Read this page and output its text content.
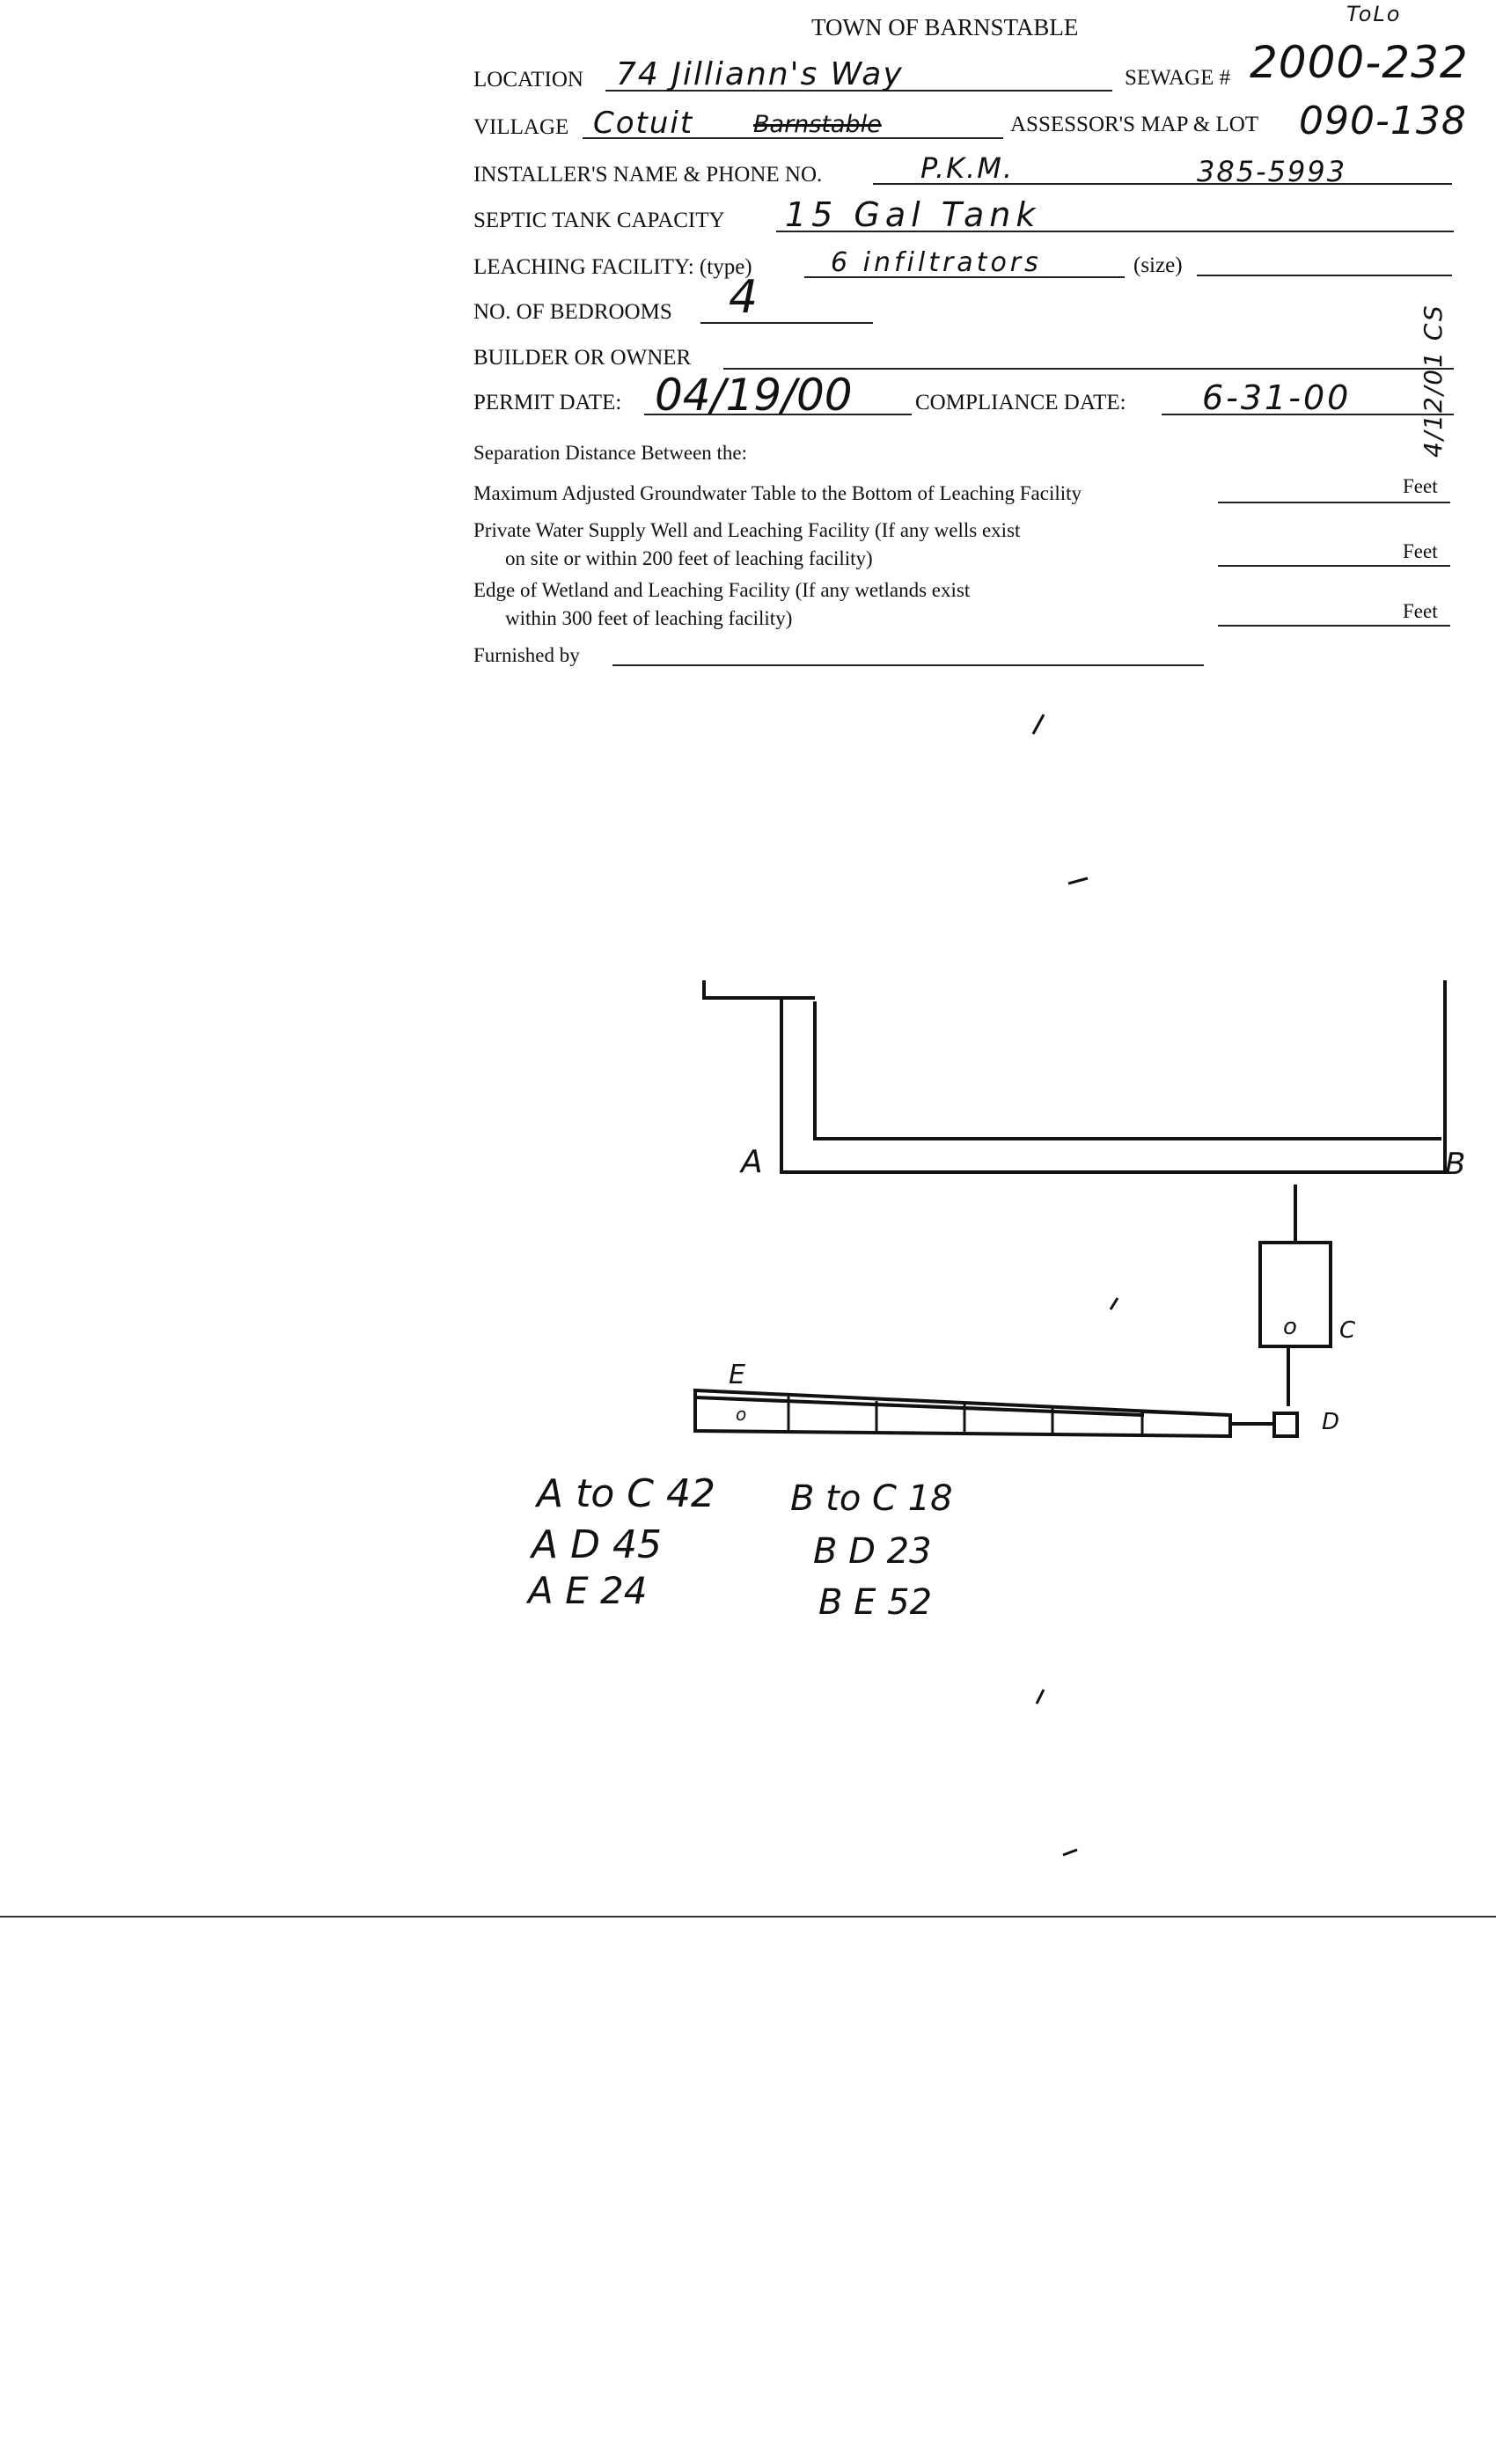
TOWN OF BARNSTABLE	ToLo
LOCATION 74 Jilliann's Way	SEWAGE # 2000-232
VILLAGE Cotuit	Barnstable	ASSESSOR'S MAP & LOT 090-138
INSTALLER'S NAME & PHONE NO.	P.K.M.	385-5993
SEPTIC TANK CAPACITY 15 Gal Tank
LEACHING FACILITY: (type)	6 infiltrators	(size)
NO. OF BEDROOMS 4
BUILDER OR OWNER
PERMIT DATE: 04/19/00	COMPLIANCE DATE: 6-31-00	4/12/01 CS
Separation Distance Between the:
Maximum Adjusted Groundwater Table to the Bottom of Leaching Facility	Feet
Private Water Supply Well and Leaching Facility (If any wells exist
on site or within 200 feet of leaching facility)	Feet
Edge of Wetland and Leaching Facility (If any wetlands exist
within 300 feet of leaching facility)	Feet
Furnished by
o
o
A	B
C
D
E
A to C 42 B to C 18
A D 45	B D 23
A E 24	B E 52
